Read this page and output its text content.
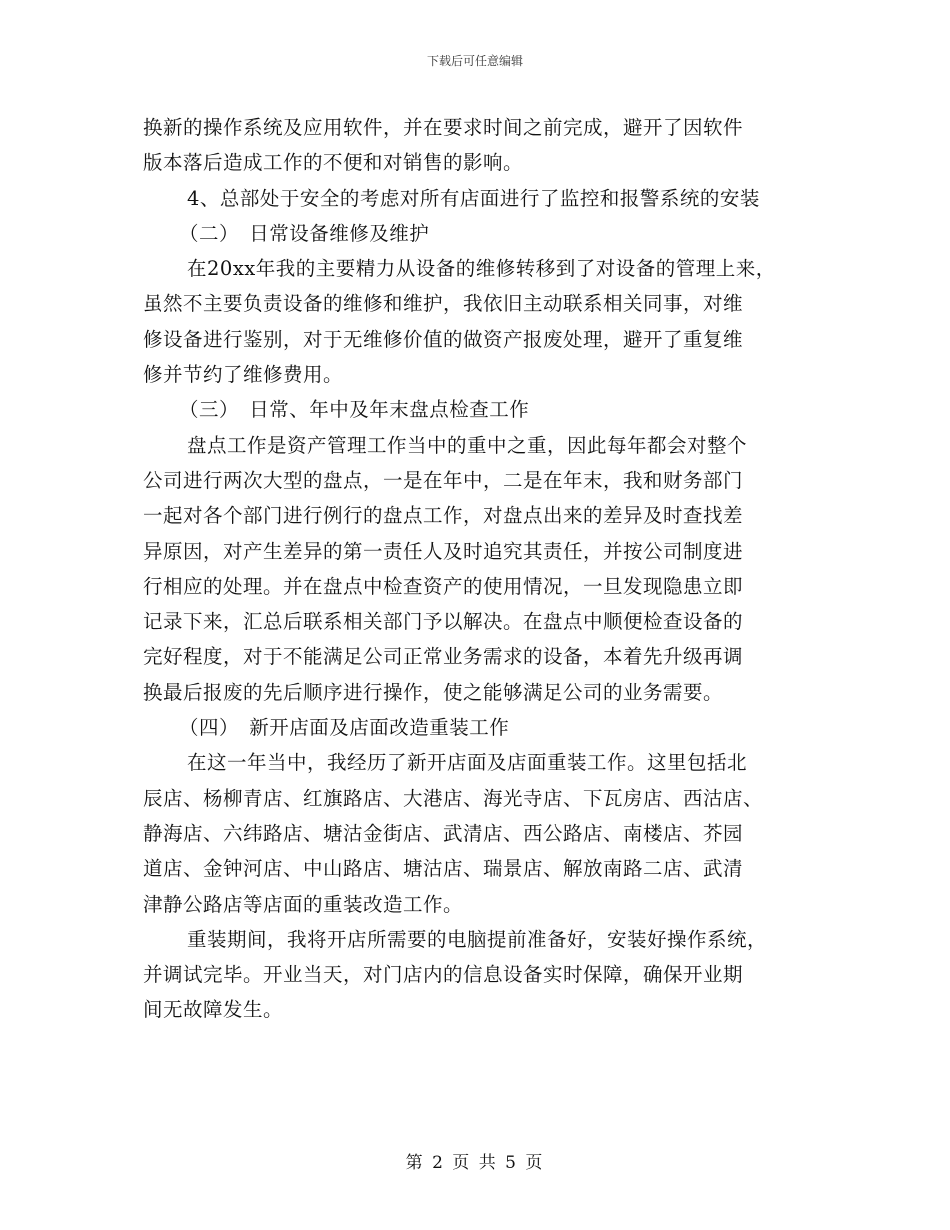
下载后可任意编辑
换新的操作系统及应用软件，并在要求时间之前完成，避开了因软件
版本落后造成工作的不便和对销售的影响。
4、总部处于安全的考虑对所有店面进行了监控和报警系统的安装
（二）　日常设备维修及维护
在20xx年我的主要精力从设备的维修转移到了对设备的管理上来，
虽然不主要负责设备的维修和维护，我依旧主动联系相关同事，对维
修设备进行鉴别，对于无维修价值的做资产报废处理，避开了重复维
修并节约了维修费用。
（三）　日常、年中及年末盘点检查工作
盘点工作是资产管理工作当中的重中之重，因此每年都会对整个
公司进行两次大型的盘点，一是在年中，二是在年末，我和财务部门
一起对各个部门进行例行的盘点工作，对盘点出来的差异及时查找差
异原因，对产生差异的第一责任人及时追究其责任，并按公司制度进
行相应的处理。并在盘点中检查资产的使用情况，一旦发现隐患立即
记录下来，汇总后联系相关部门予以解决。在盘点中顺便检查设备的
完好程度，对于不能满足公司正常业务需求的设备，本着先升级再调
换最后报废的先后顺序进行操作，使之能够满足公司的业务需要。
（四）　新开店面及店面改造重装工作
在这一年当中，我经历了新开店面及店面重装工作。这里包括北
辰店、杨柳青店、红旗路店、大港店、海光寺店、下瓦房店、西沽店、
静海店、六纬路店、塘沽金街店、武清店、西公路店、南楼店、芥园
道店、金钟河店、中山路店、塘沽店、瑞景店、解放南路二店、武清
津静公路店等店面的重装改造工作。
重装期间，我将开店所需要的电脑提前准备好，安装好操作系统，
并调试完毕。开业当天，对门店内的信息设备实时保障，确保开业期
间无故障发生。
第 2 页 共 5 页
